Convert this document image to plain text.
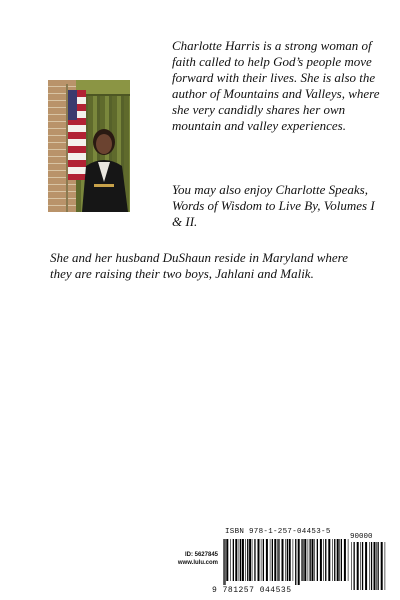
Charlotte Harris is a strong woman of faith called to help God’s people move forward with their lives. She is also the author of Mountains and Valleys, where she very candidly shares her own mountain and valley experiences.

You may also enjoy Charlotte Speaks, Words of Wisdom to Live By, Volumes I & II.

She and her husband DuShaun reside in Maryland where they are raising their two boys, Jahlani and Malik.

ID: 5627845
www.lulu.com
ISBN 978-1-257-04453-5
90000
9 781257 044535
